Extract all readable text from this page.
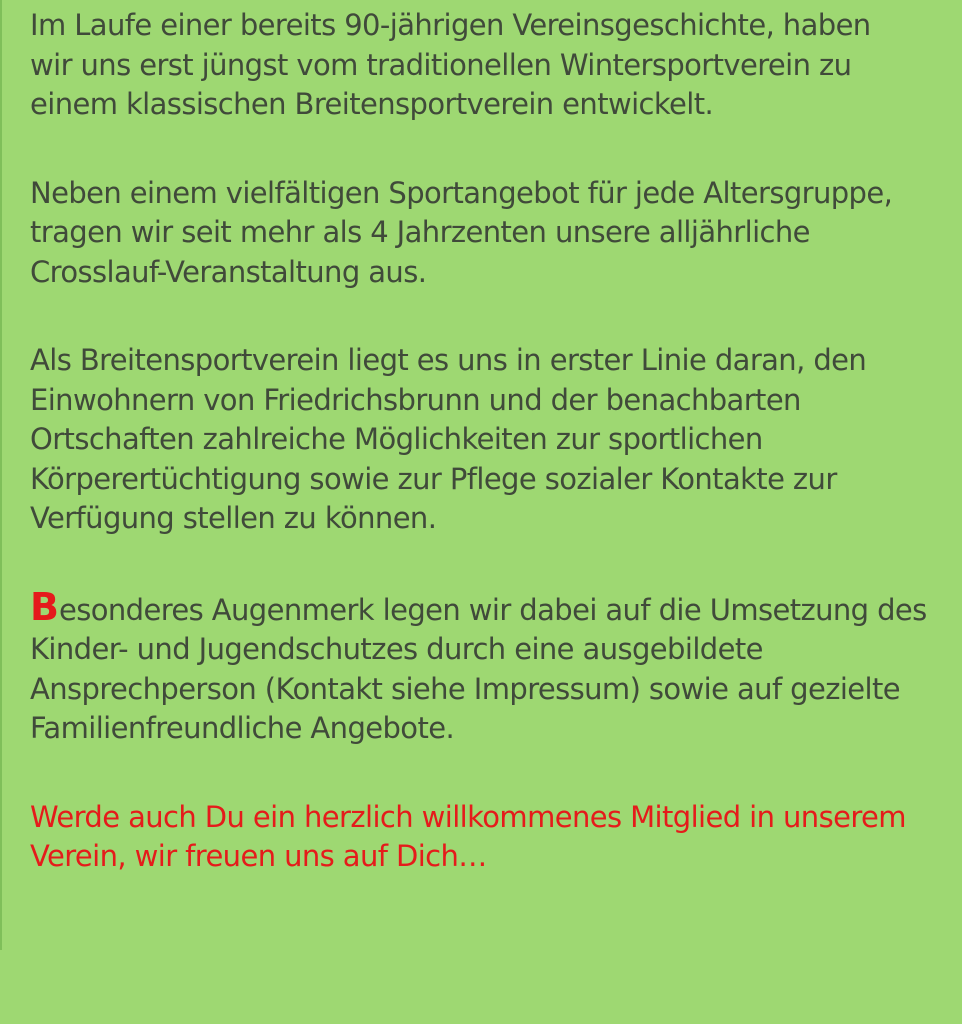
Im Laufe einer bereits 90-jährigen Vereinsgeschichte, haben
wir uns erst jüngst vom traditionellen Wintersportverein zu
einem klassischen Breitensportverein entwickelt.

Neben einem vielfältigen Sportangebot für jede Altersgruppe,
tragen wir seit mehr als 4 Jahrzenten unsere alljährliche
Crosslauf-Veranstaltung aus.

Als Breitensportverein liegt es uns in erster Linie daran, den
Einwohnern von Friedrichsbrunn und der benachbarten
Ortschaften zahlreiche Möglichkeiten zur sportlichen
Körperertüchtigung sowie zur Pflege sozialer Kontakte zur
Verfügung stellen zu können.

Besonderes Augenmerk legen wir dabei auf die Umsetzung des
Kinder- und Jugendschutzes durch eine ausgebildete
Ansprechperson (Kontakt siehe Impressum) sowie auf gezielte
Familienfreundliche Angebote.

Werde auch Du ein herzlich willkommenes Mitglied in unserem
Verein, wir freuen uns auf Dich…
